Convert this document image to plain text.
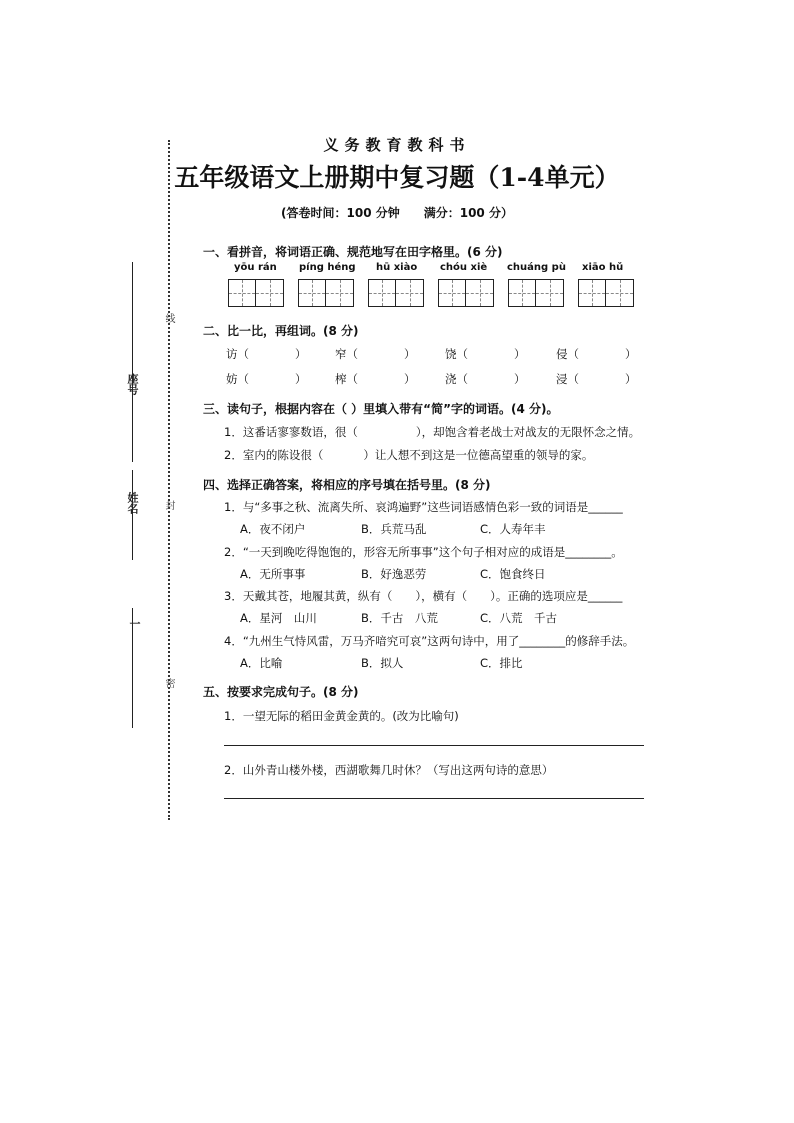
座号
姓名
一
线
封
密
义务教育教科书
五年级语文上册期中复习题（1-4单元）
(答卷时间：100 分钟　　满分：100 分）
一、看拼音，将词语正确、规范地写在田字格里。(6 分)
yōu rán píng héng hū xiào chóu xiè chuáng pù xiāo hǔ
二、比一比，再组词。(8 分)
访（　　　　） 窄（　　　　）	饶（　　　　）	侵（　　　　）
妨（　　　　） 榨（　　　　）	浇（　　　　）	浸（　　　　）
三、读句子，根据内容在（ ）里填入带有“简”字的词语。(4 分)。
1．这番话寥寥数语，很（	），却饱含着老战士对战友的无限怀念之情。
2．室内的陈设很（	）让人想不到这是一位德高望重的领导的家。
四、选择正确答案，将相应的序号填在括号里。(8 分)
1．与“多事之秋、流离失所、哀鸿遍野”这些词语感情色彩一致的词语是______
A．夜不闭户	B．兵荒马乱	C．人寿年丰
2．“一天到晚吃得饱饱的，形容无所事事”这个句子相对应的成语是________。
A．无所事事	B．好逸恶劳	C．饱食终日
3．天戴其苍，地履其黄，纵有（　　），横有（　　）。正确的选项应是______
A．星河　山川	B．千古　八荒	C．八荒　千古
4．“九州生气恃风雷，万马齐喑究可哀”这两句诗中，用了________的修辞手法。
A．比喻	B．拟人	C．排比
五、按要求完成句子。(8 分)
1．一望无际的稻田金黄金黄的。(改为比喻句)
2．山外青山楼外楼，西湖歌舞几时休？（写出这两句诗的意思）
